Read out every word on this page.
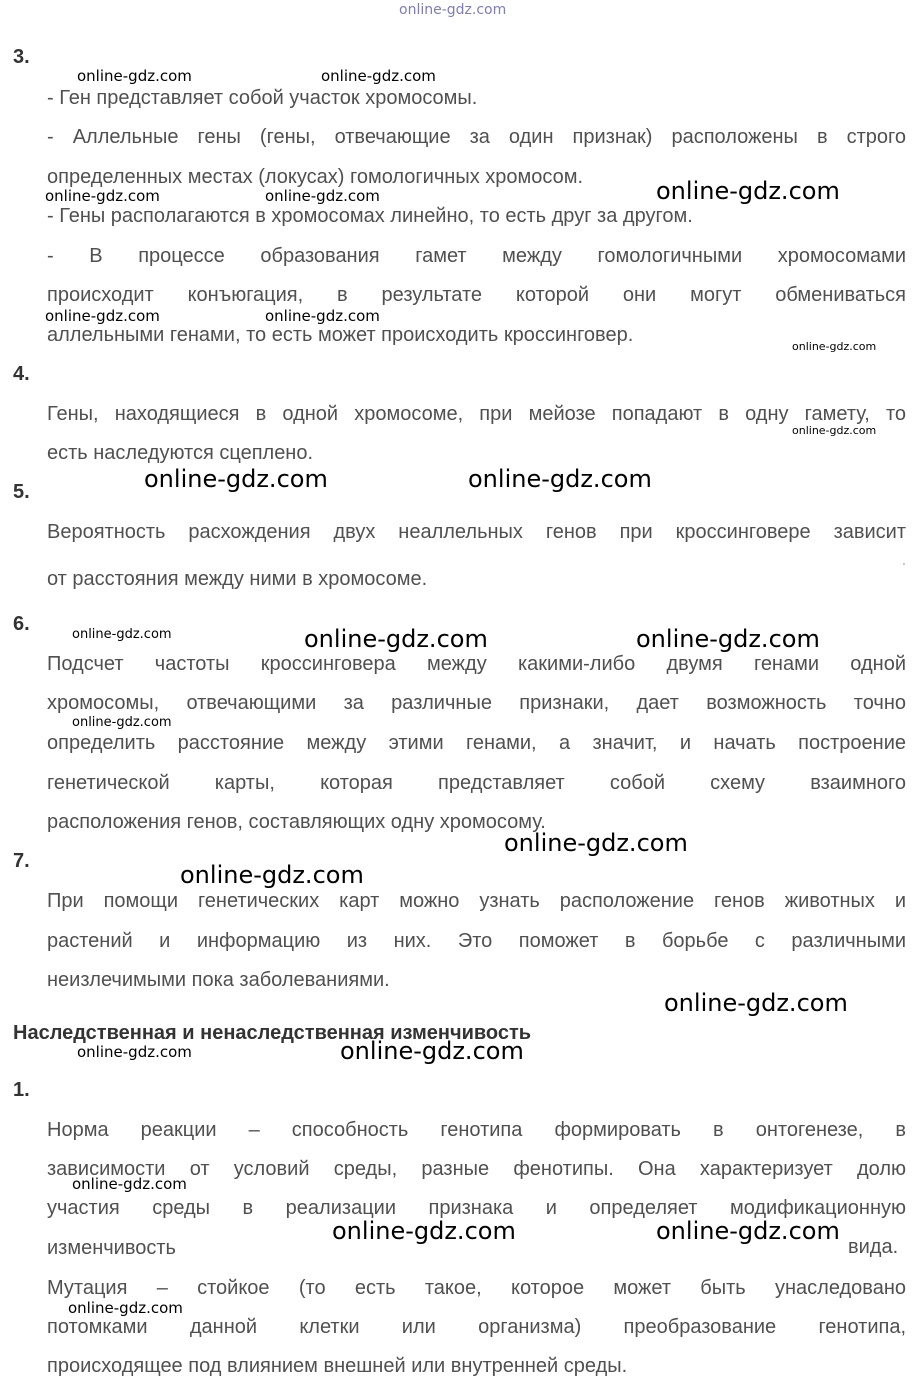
online-gdz.com
3.
- Ген представляет собой участок хромосомы.
- Аллельные гены (гены, отвечающие за один признак) расположены в строго
определенных местах (локусах) гомологичных хромосом.
- Гены располагаются в хромосомах линейно, то есть друг за другом.
- В процессе образования гамет между гомологичными хромосомами
происходит конъюгация, в результате которой они могут обмениваться
аллельными генами, то есть может происходить кроссинговер.
4.
Гены, находящиеся в одной хромосоме, при мейозе попадают в одну гамету, то
есть наследуются сцеплено.
5.
Вероятность расхождения двух неаллельных генов при кроссинговере зависит
от расстояния между ними в хромосоме.	ˈ
6.
Подсчет частоты кроссинговера между какими-либо двумя генами одной
хромосомы, отвечающими за различные признаки, дает возможность точно
определить расстояние между этими генами, а значит, и начать построение
генетической карты, которая представляет собой схему взаимного
расположения генов, составляющих одну хромосому.
7.
При помощи генетических карт можно узнать расположение генов животных и
растений и информацию из них. Это поможет в борьбе с различными
неизлечимыми пока заболеваниями.
Наследственная и ненаследственная изменчивость
1.
Норма реакции – способность генотипа формировать в онтогенезе, в
зависимости от условий среды, разные фенотипы. Она характеризует долю
участия среды в реализации признака и определяет модификационную
изменчивость	вида.
Мутация – стойкое (то есть такое, которое может быть унаследовано
потомками данной клетки или организма) преобразование генотипа,
происходящее под влиянием внешней или внутренней среды.
online-gdz.com	online-gdz.com
online-gdz.com	online-gdz.com	online-gdz.com
online-gdz.com	online-gdz.com
online-gdz.com
online-gdz.com
online-gdz.com	online-gdz.com
online-gdz.com	online-gdz.com	online-gdz.com
online-gdz.com
online-gdz.com
online-gdz.com
online-gdz.com
online-gdz.com	online-gdz.com
online-gdz.com
online-gdz.com	online-gdz.com
online-gdz.com
